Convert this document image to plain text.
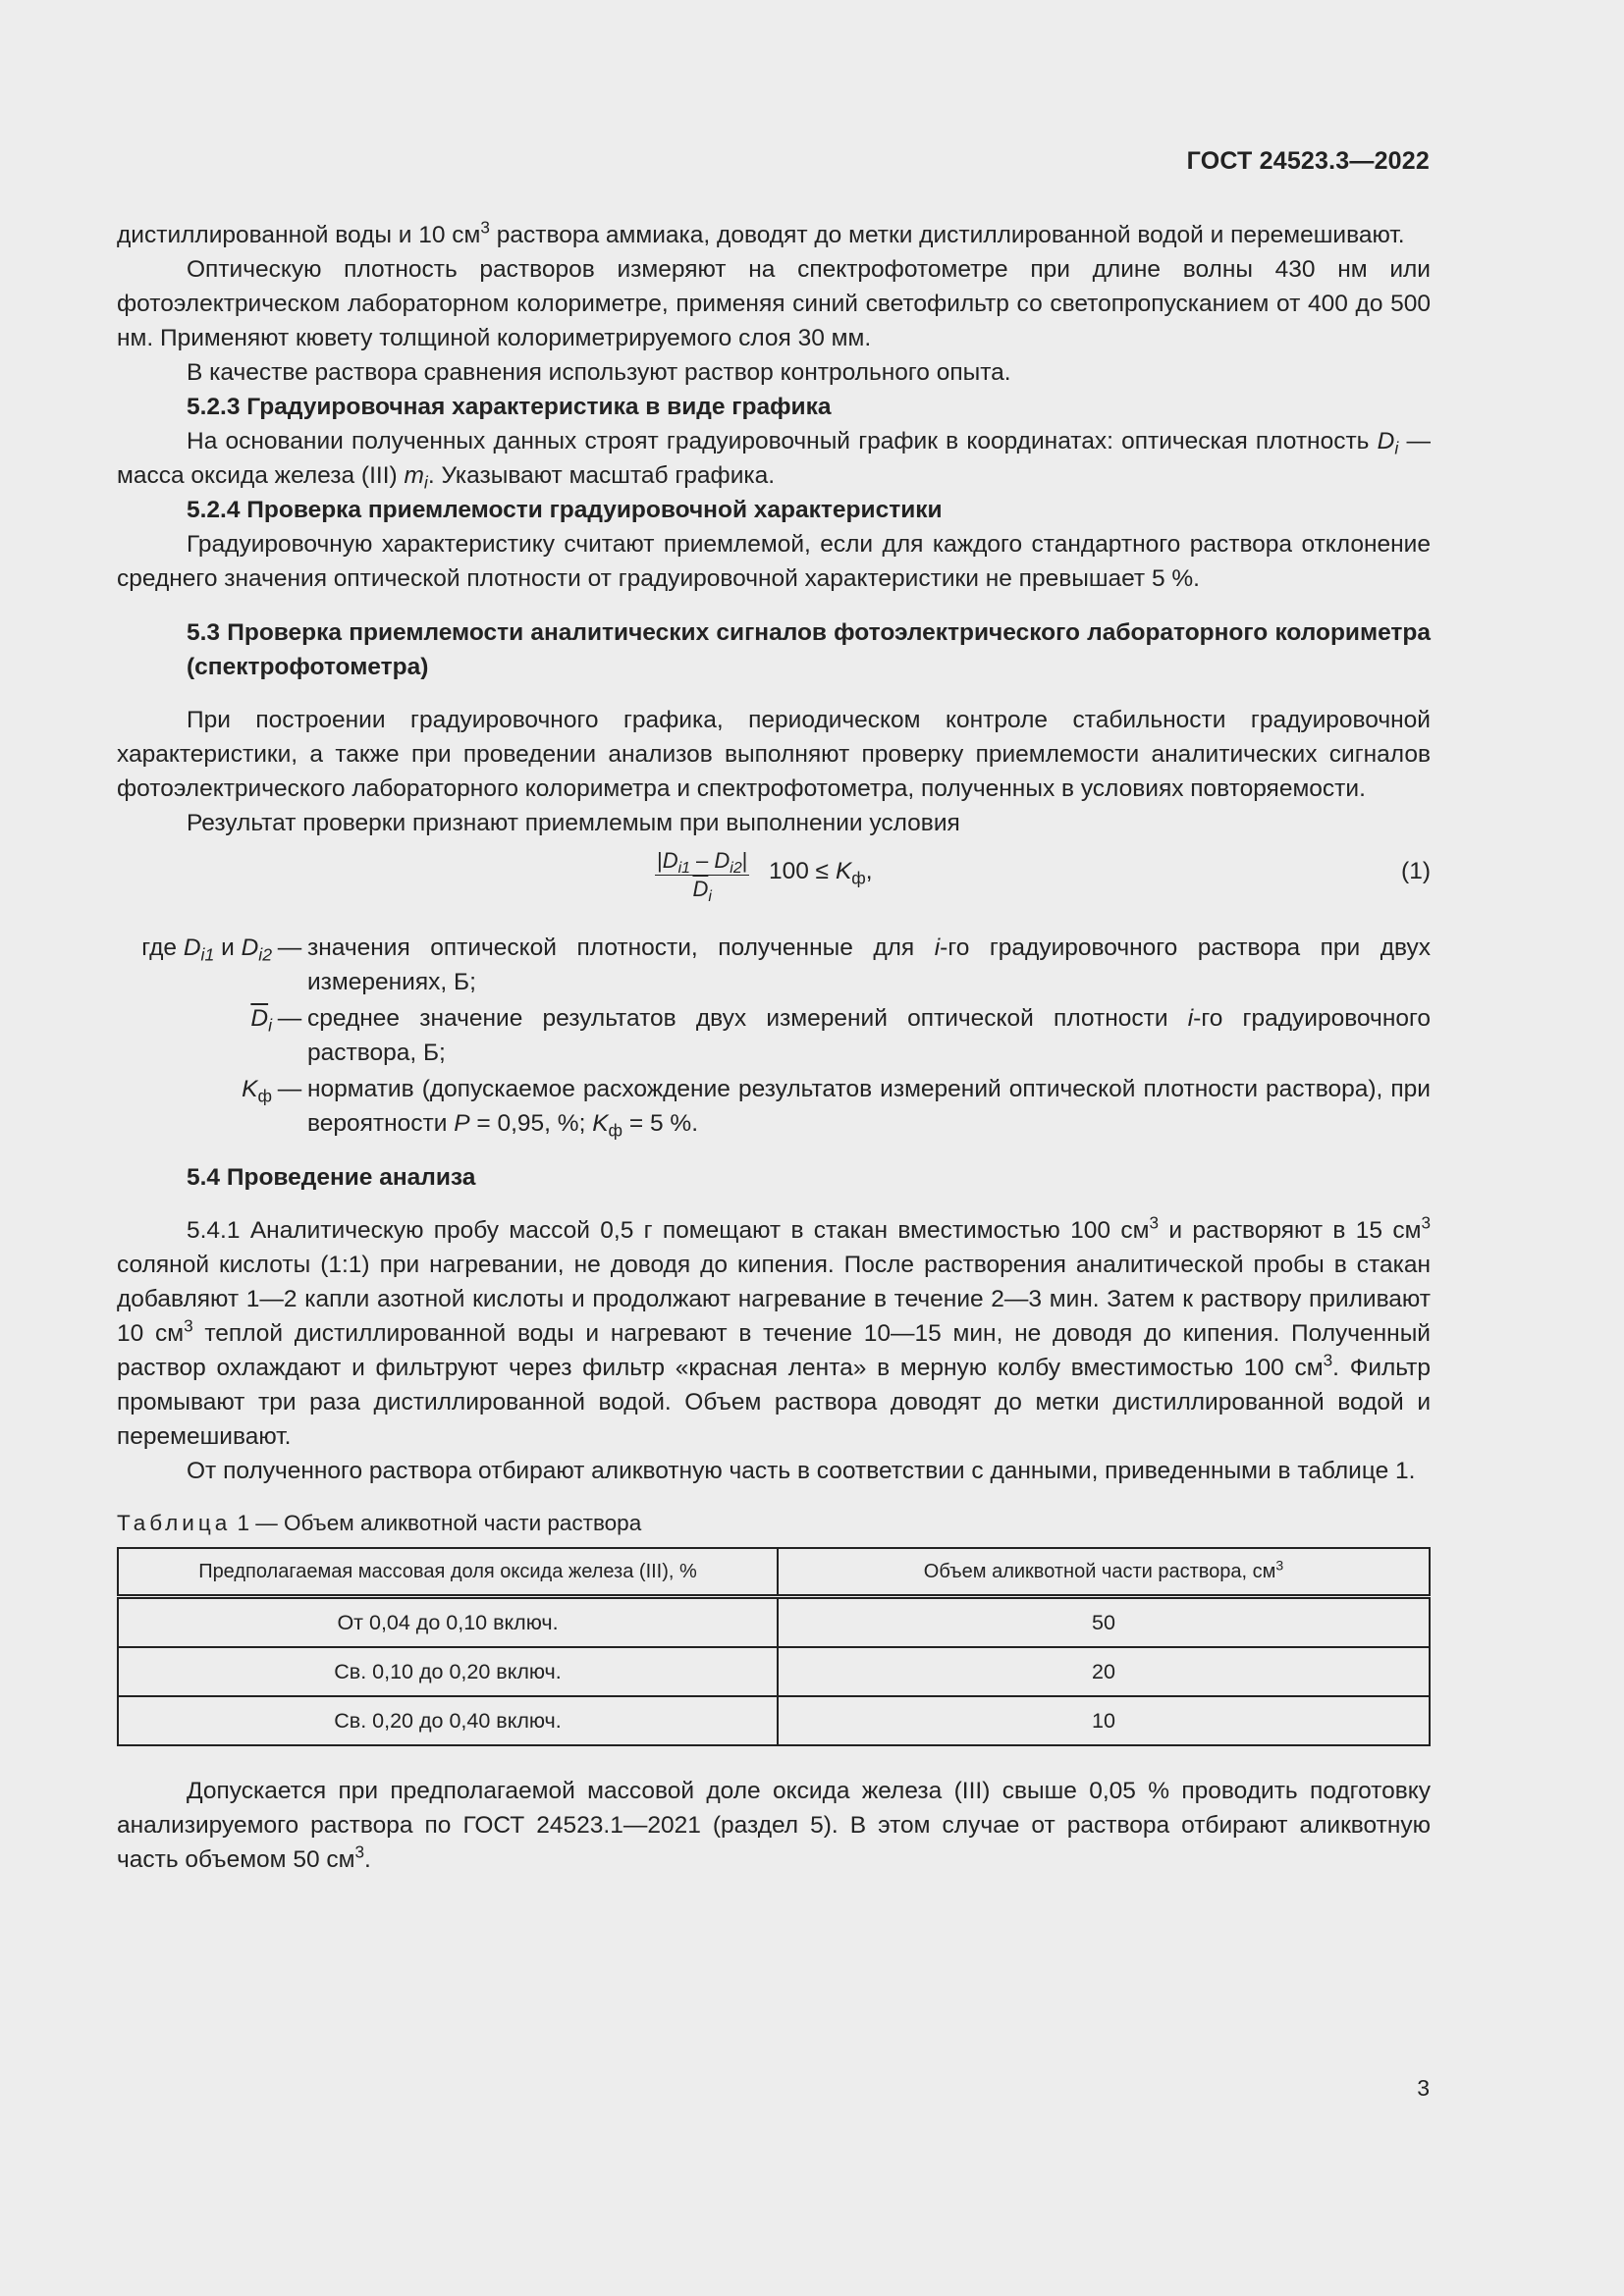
ГОСТ 24523.3—2022

дистиллированной воды и 10 $см^3$ раствора аммиака, доводят до метки дистиллированной водой и перемешивают.

Оптическую плотность растворов измеряют на спектрофотометре при длине волны 430 нм или фотоэлектрическом лабораторном колориметре, применяя синий светофильтр со светопропусканием от 400 до 500 нм. Применяют кювету толщиной колориметрируемого слоя 30 мм.

В качестве раствора сравнения используют раствор контрольного опыта.

5.2.3 Градуировочная характеристика в виде графика

На основании полученных данных строят градуировочный график в координатах: оптическая плотность $D_i$ — масса оксида железа (III) $m_i$. Указывают масштаб графика.

5.2.4 Проверка приемлемости градуировочной характеристики

Градуировочную характеристику считают приемлемой, если для каждого стандартного раствора отклонение среднего значения оптической плотности от градуировочной характеристики не превышает 5 %.

5.3 Проверка приемлемости аналитических сигналов фотоэлектрического лабораторного колориметра (спектрофотометра)

При построении градуировочного графика, периодическом контроле стабильности градуировочной характеристики, а также при проведении анализов выполняют проверку приемлемости аналитических сигналов фотоэлектрического лабораторного колориметра и спектрофотометра, полученных в условиях повторяемости.

Результат проверки признают приемлемым при выполнении условия

$\frac{|D_{i1} - D_{i2}|}{\overline{D}_i} 100 \le K_ф$,	(1)
где $D_{i1}$ и $D_{i2}$ — значения оптической плотности, полученные для i-го градуировочного раствора при двух измерениях, Б;
$\overline{D}_i$ — среднее значение результатов двух измерений оптической плотности i-го градуировочного раствора, Б;
$K_ф$ — норматив (допускаемое расхождение результатов измерений оптической плотности раствора), при вероятности P = 0,95, %; $K_ф = 5$ %.

5.4 Проведение анализа

5.4.1 Аналитическую пробу массой 0,5 г помещают в стакан вместимостью 100 $см^3$ и растворяют в 15 $см^3$ соляной кислоты (1:1) при нагревании, не доводя до кипения. После растворения аналитической пробы в стакан добавляют 1—2 капли азотной кислоты и продолжают нагревание в течение 2—3 мин. Затем к раствору приливают 10 $см^3$ теплой дистиллированной воды и нагревают в течение 10—15 мин, не доводя до кипения. Полученный раствор охлаждают и фильтруют через фильтр «красная лента» в мерную колбу вместимостью 100 $см^3$. Фильтр промывают три раза дистиллированной водой. Объем раствора доводят до метки дистиллированной водой и перемешивают.

От полученного раствора отбирают аликвотную часть в соответствии с данными, приведенными в таблице 1.

Таблица 1 — Объем аликвотной части раствора

Предполагаемая массовая доля оксида железа (III), %	Объем аликвотной части раствора, $см^3$
От 0,04 до 0,10 включ.	50
Св. 0,10 до 0,20 включ.	20
Св. 0,20 до 0,40 включ.	10

Допускается при предполагаемой массовой доле оксида железа (III) свыше 0,05 % проводить подготовку анализируемого раствора по ГОСТ 24523.1—2021 (раздел 5). В этом случае от раствора отбирают аликвотную часть объемом 50 $см^3$.

3
